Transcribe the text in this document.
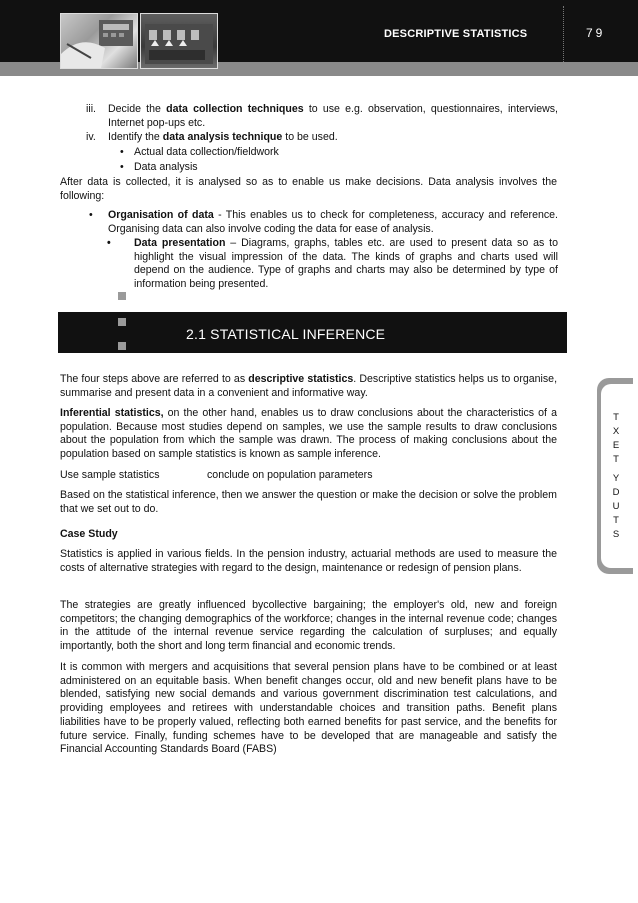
DESCRIPTIVE STATISTICS	79
iii. Decide the data collection techniques to use e.g. observation, questionnaires, interviews, Internet pop-ups etc.
iv. Identify the data analysis technique to be used.
• Actual data collection/fieldwork
• Data analysis
After data is collected, it is analysed so as to enable us make decisions. Data analysis involves the following:
• Organisation of data - This enables us to check for completeness, accuracy and reference. Organising data can also involve coding the data for ease of analysis.
• Data presentation – Diagrams, graphs, tables etc. are used to present data so as to highlight the visual impression of the data. The kinds of graphs and charts used will depend on the audience. Type of graphs and charts may also be determined by type of information being presented.
2.1 STATISTICAL INFERENCE
The four steps above are referred to as descriptive statistics. Descriptive statistics helps us to organise, summarise and present data in a convenient and informative way.
Inferential statistics, on the other hand, enables us to draw conclusions about the characteristics of a population. Because most studies depend on samples, we use the sample results to draw conclusions about the population from which the sample was drawn. The process of making conclusions about the population based on sample statistics is known as sample inference.
Use sample statistics	conclude on population parameters
Based on the statistical inference, then we answer the question or make the decision or solve the problem that we set out to do.
Case Study
Statistics is applied in various fields. In the pension industry, actuarial methods are used to measure the costs of alternative strategies with regard to the design, maintenance or redesign of pension plans.
The strategies are greatly influenced bycollective bargaining; the employer's old, new and foreign competitors; the changing demographics of the workforce; changes in the internal revenue code; changes in the attitude of the internal revenue service regarding the calculation of surpluses; and equally importantly, both the short and long term financial and economic trends.
It is common with mergers and acquisitions that several pension plans have to be combined or at least administered on an equitable basis. When benefit changes occur, old and new benefit plans have to be blended, satisfying new social demands and various government discrimination test calculations, and providing employees and retirees with understandable choices and transition paths. Benefit plans liabilities have to be properly valued, reflecting both earned benefits for past service, and the benefits for future service. Finally, funding schemes have to be developed that are manageable and satisfy the Financial Accounting Standards Board (FABS)
T
X
E
T
Y
D
U
T
S
